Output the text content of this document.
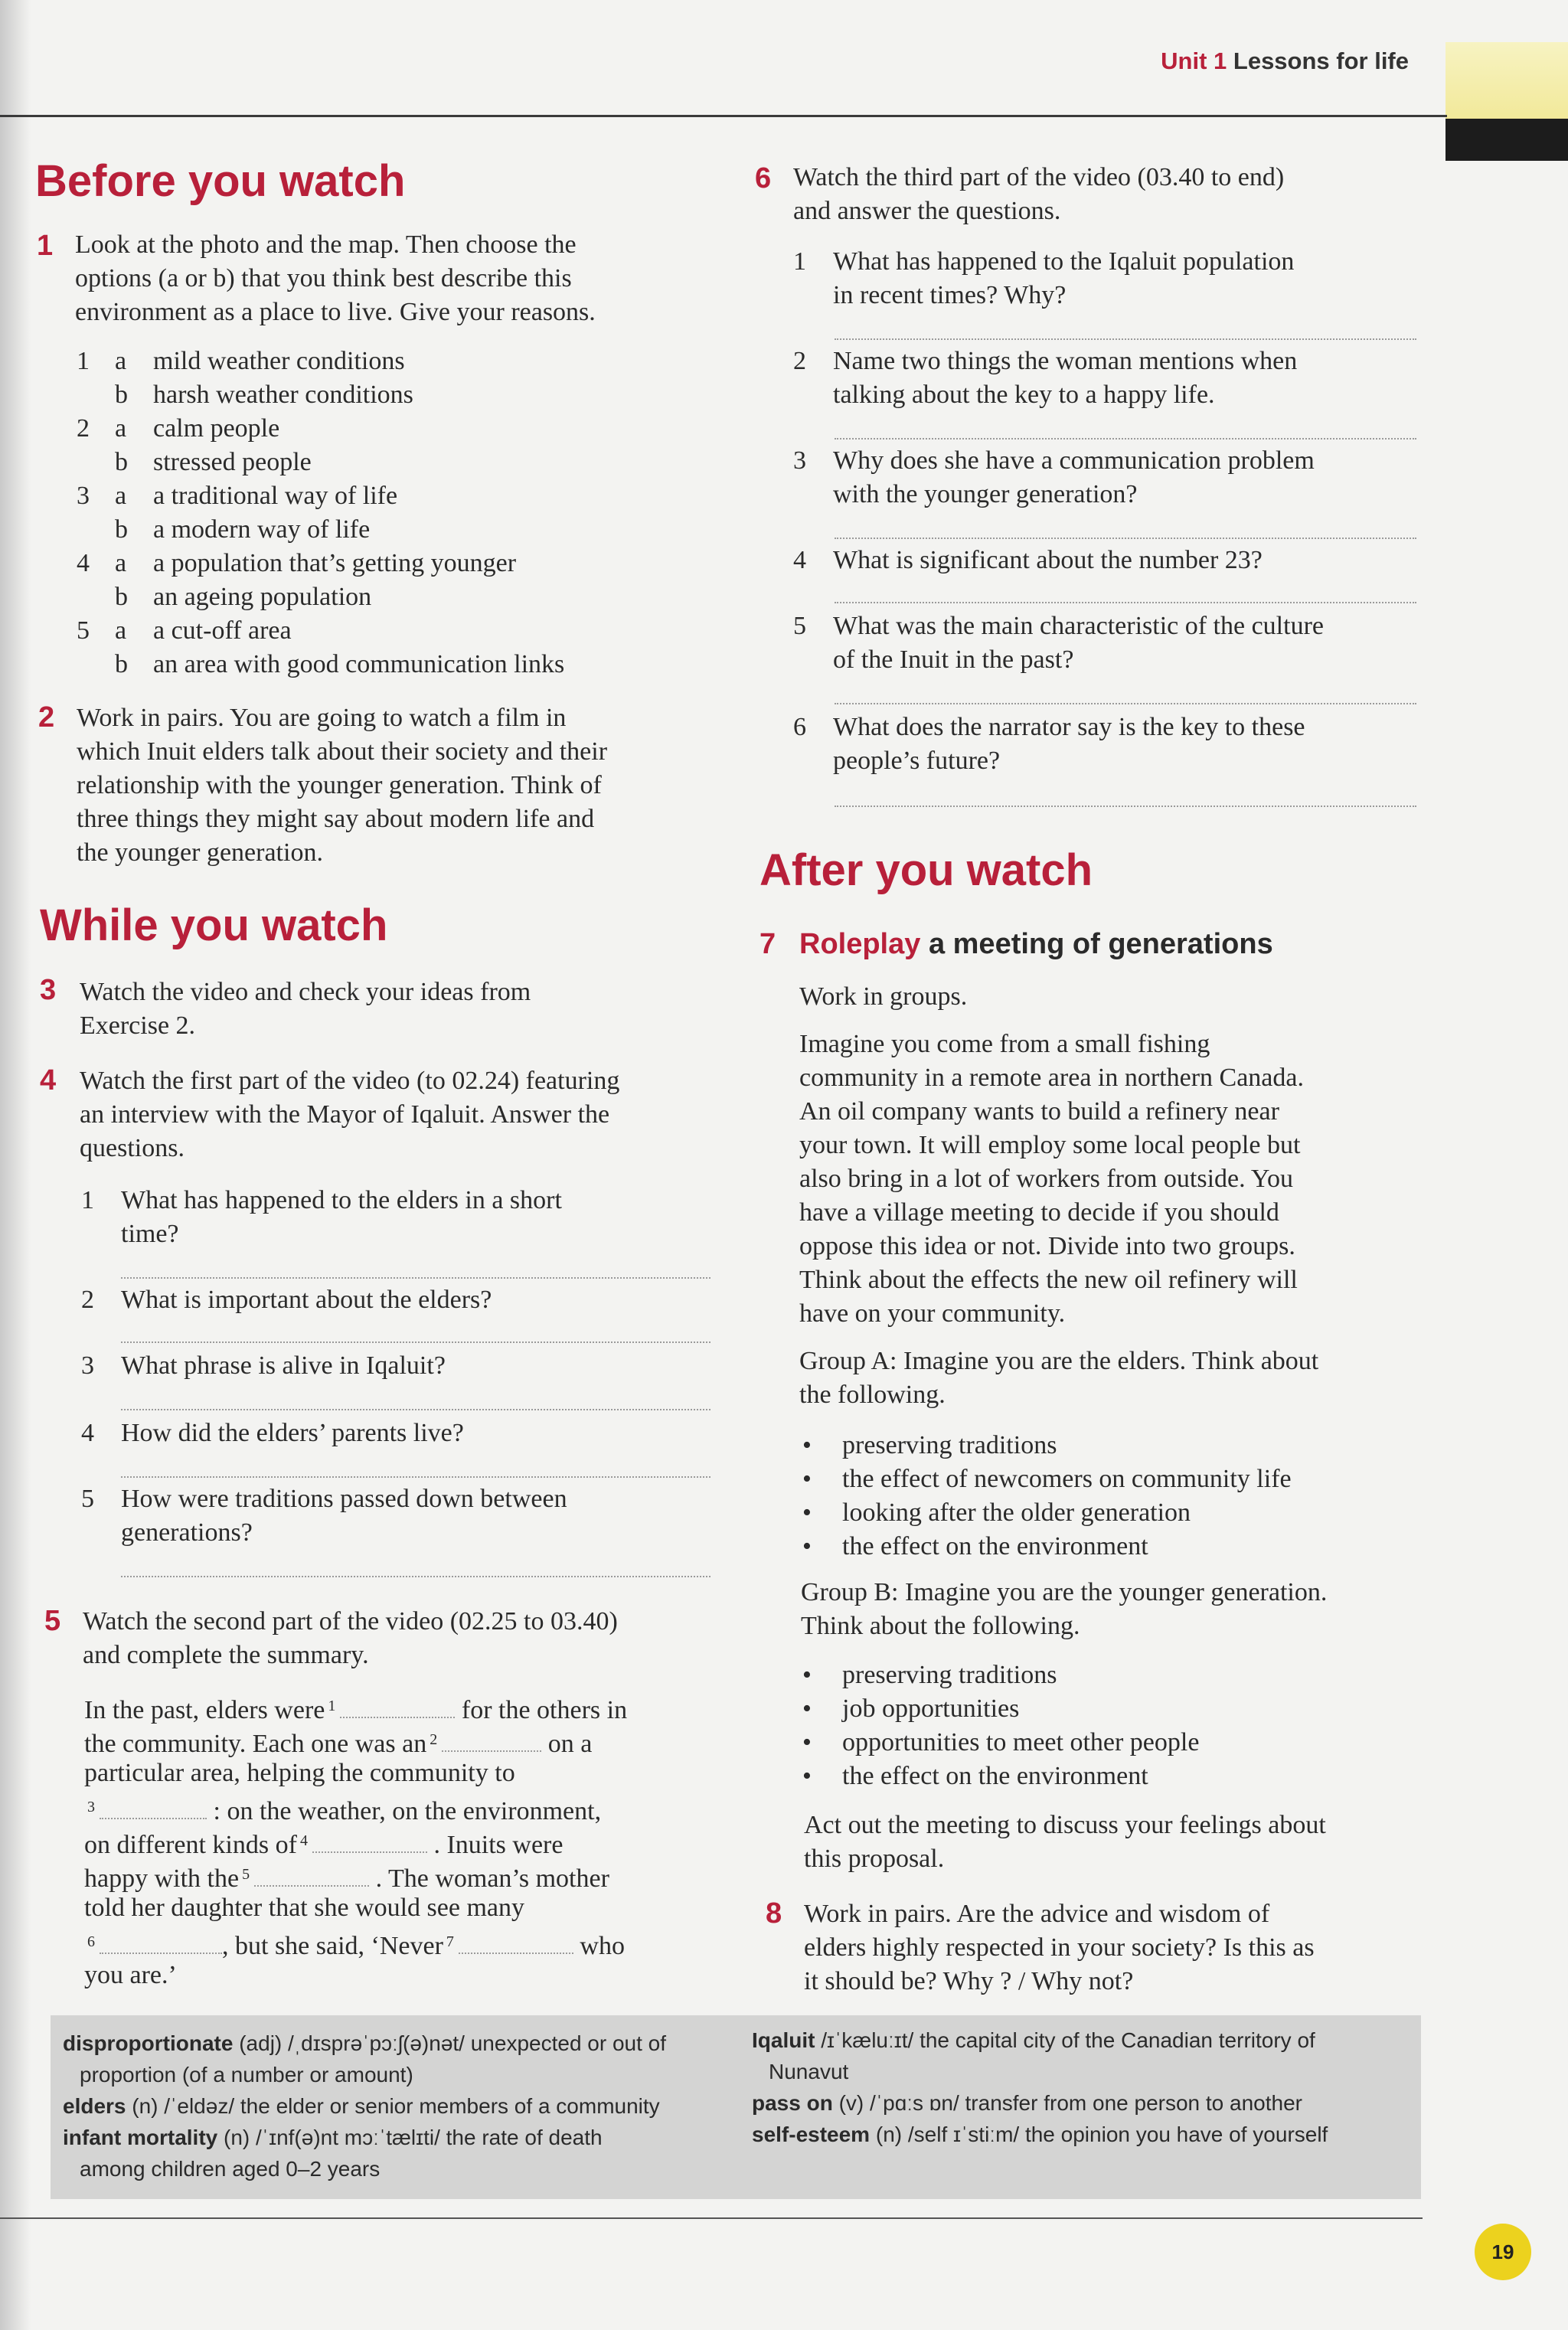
Unit 1 Lessons for life
Before you watch
1 Look at the photo and the map. Then choose the

options (a or b) that you think best describe this

environment as a place to live. Give your reasons.

1 a mild weather conditions
b harsh weather conditions
2 a calm people
b stressed people
3 a a traditional way of life
b a modern way of life
4 a a population that’s getting younger
b an ageing population
5 a a cut-off area
b an area with good communication links
2 Work in pairs. You are going to watch a film in

which Inuit elders talk about their society and their

relationship with the younger generation. Think of

three things they might say about modern life and

the younger generation.

While you watch
3 Watch the video and check your ideas from

Exercise 2.

4 Watch the first part of the video (to 02.24) featuring

an interview with the Mayor of Iqaluit. Answer the

questions.

1 What has happened to the elders in a short
time?
2 What is important about the elders?
3 What phrase is alive in Iqaluit?
4 How did the elders’ parents live?
5 How were traditions passed down between
generations?
5 Watch the second part of the video (02.25 to 03.40)

and complete the summary.

In the past, elders were $^1$	for the others in
the community. Each one was an $^2$	on a
particular area, helping the community to
$^3$	: on the weather, on the environment,
on different kinds of $^4$	. Inuits were
happy with the $^5$	. The woman’s mother
told her daughter that she would see many
$^6$	, but she said, ‘Never $^7$	who
you are.’
6 Watch the third part of the video (03.40 to end)

and answer the questions.

1 What has happened to the Iqaluit population
in recent times? Why?
2 Name two things the woman mentions when
talking about the key to a happy life.
3 Why does she have a communication problem
with the younger generation?
4 What is significant about the number 23?
5 What was the main characteristic of the culture
of the Inuit in the past?
6 What does the narrator say is the key to these
people’s future?
After you watch
7 Roleplay a meeting of generations

Work in groups.

Imagine you come from a small fishing

community in a remote area in northern Canada.

An oil company wants to build a refinery near

your town. It will employ some local people but

also bring in a lot of workers from outside. You

have a village meeting to decide if you should

oppose this idea or not. Divide into two groups.

Think about the effects the new oil refinery will

have on your community.

Group A: Imagine you are the elders. Think about

the following.

• preserving traditions
• the effect of newcomers on community life
• looking after the older generation
• the effect on the environment

Group B: Imagine you are the younger generation.

Think about the following.

• preserving traditions
• job opportunities
• opportunities to meet other people
• the effect on the environment

Act out the meeting to discuss your feelings about

this proposal.

8 Work in pairs. Are the advice and wisdom of

elders highly respected in your society? Is this as

it should be? Why ? / Why not?

disproportionate (adj) /ˌdɪsprəˈpɔːʃ(ə)nət/ unexpected or out of
proportion (of a number or amount)
elders (n) /ˈeldəz/ the elder or senior members of a community
infant mortality (n) /ˈɪnf(ə)nt mɔːˈtælɪti/ the rate of death
among children aged 0–2 years
Iqaluit /ɪˈkæluːɪt/ the capital city of the Canadian territory of
Nunavut
pass on (v) /ˈpɑːs ɒn/ transfer from one person to another
self-esteem (n) /self ɪˈstiːm/ the opinion you have of yourself
19
